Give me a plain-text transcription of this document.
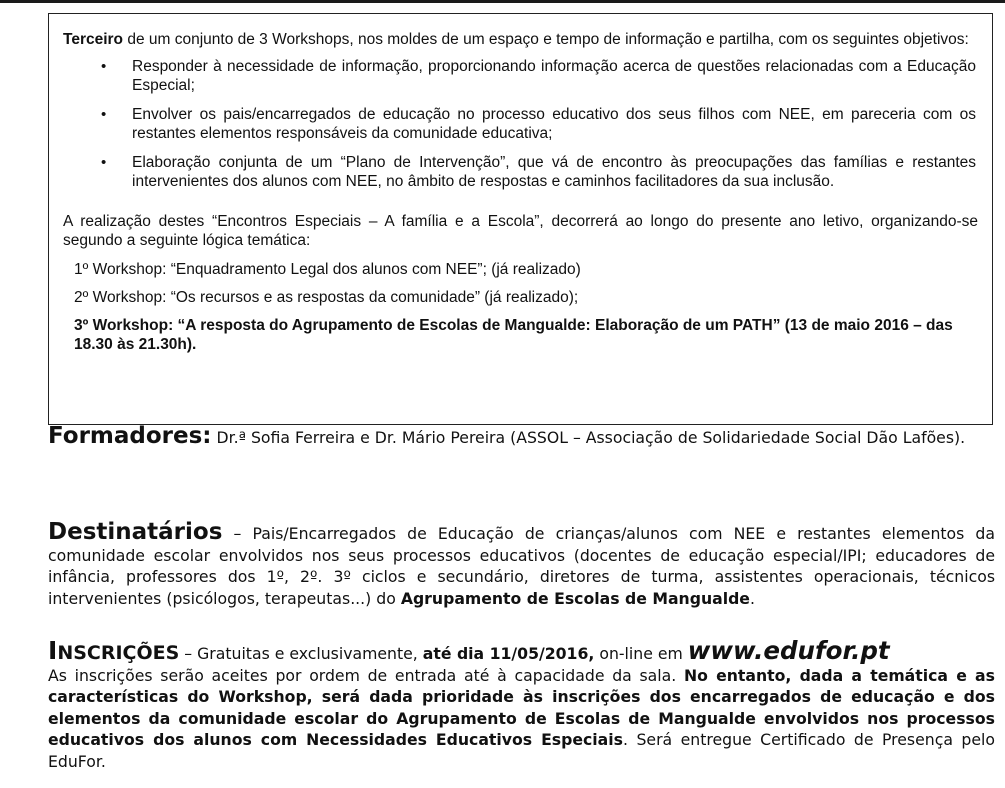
Terceiro de um conjunto de 3 Workshops, nos moldes de um espaço e tempo de informação e partilha, com os seguintes objetivos:

• Responder à necessidade de informação, proporcionando informação acerca de questões relacionadas com a Educação Especial;
• Envolver os pais/encarregados de educação no processo educativo dos seus filhos com NEE, em pareceria com os restantes elementos responsáveis da comunidade educativa;
• Elaboração conjunta de um “Plano de Intervenção”, que vá de encontro às preocupações das famílias e restantes intervenientes dos alunos com NEE, no âmbito de respostas e caminhos facilitadores da sua inclusão.

A realização destes “Encontros Especiais – A família e a Escola”, decorrerá ao longo do presente ano letivo, organizando-se segundo a seguinte lógica temática:

1º Workshop: “Enquadramento Legal dos alunos com NEE”; (já realizado)

2º Workshop: “Os recursos e as respostas da comunidade” (já realizado);

3º Workshop: “A resposta do Agrupamento de Escolas de Mangualde: Elaboração de um PATH” (13 de maio 2016 – das
18.30 às 21.30h).

Formadores: Dr.ª Sofia Ferreira e Dr. Mário Pereira (ASSOL – Associação de Solidariedade Social Dão Lafões).

Destinatários – Pais/Encarregados de Educação de crianças/alunos com NEE e restantes elementos da comunidade escolar envolvidos nos seus processos educativos (docentes de educação especial/IPI; educadores de infância, professores dos 1º, 2º. 3º ciclos e secundário, diretores de turma, assistentes operacionais, técnicos intervenientes (psicólogos, terapeutas...) do Agrupamento de Escolas de Mangualde.

INSCRIÇÕES – Gratuitas e exclusivamente, até dia 11/05/2016, on-line em www.edufor.pt

As inscrições serão aceites por ordem de entrada até à capacidade da sala. No entanto, dada a temática e as características do Workshop, será dada prioridade às inscrições dos encarregados de educação e dos elementos da comunidade escolar do Agrupamento de Escolas de Mangualde envolvidos nos processos educativos dos alunos com Necessidades Educativos Especiais. Será entregue Certificado de Presença pelo EduFor.
